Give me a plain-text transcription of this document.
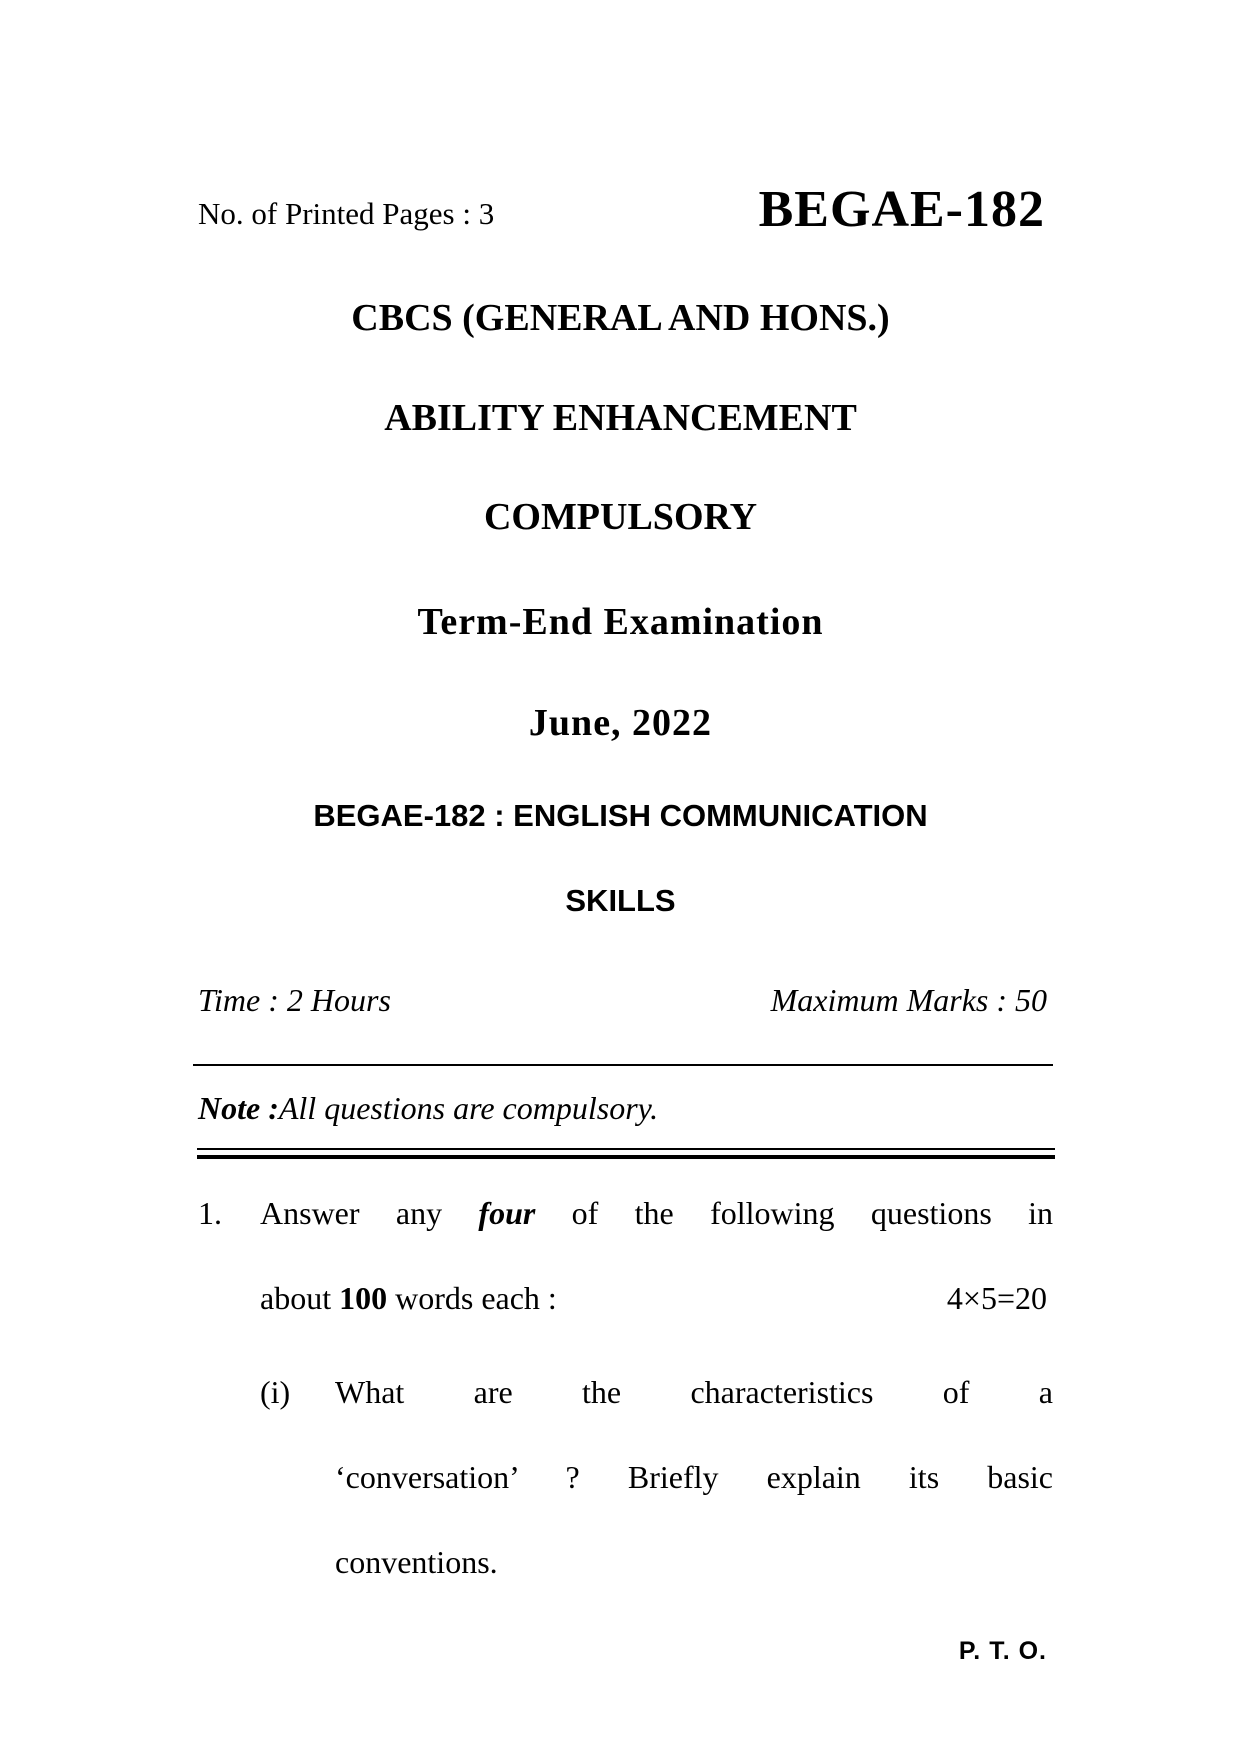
No. of Printed Pages : 3	BEGAE-182
CBCS (GENERAL AND HONS.)
ABILITY ENHANCEMENT
COMPULSORY
Term-End Examination
June, 2022
BEGAE-182 : ENGLISH COMMUNICATION
SKILLS
Time : 2 Hours	Maximum Marks : 50
Note :All questions are compulsory.
1. Answer any four of the following questions in
about 100 words each :	4×5=20
(i) What are the characteristics of a
‘conversation’ ? Briefly explain its basic
conventions.
P. T. O.
